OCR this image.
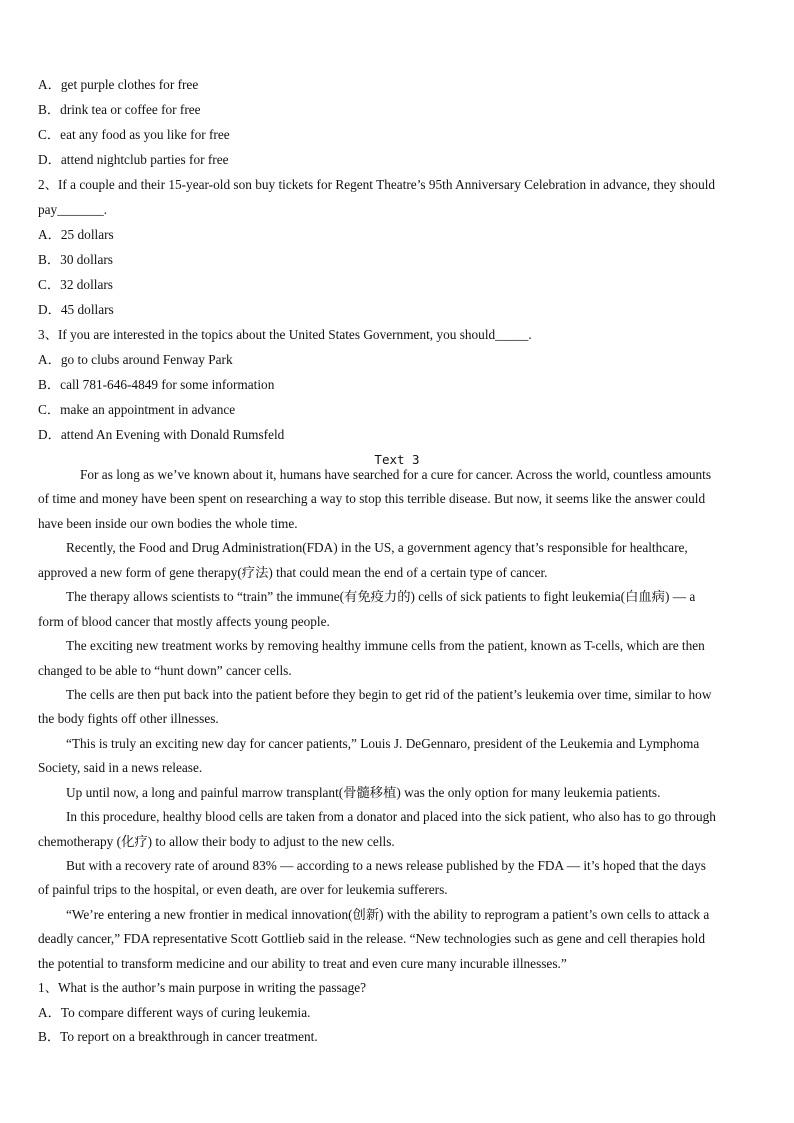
A．get purple clothes for free
B．drink tea or coffee for free
C．eat any food as you like for free
D．attend nightclub parties for free
2、If a couple and their 15-year-old son buy tickets for Regent Theatre’s 95th Anniversary Celebration in advance, they should
pay_______.
A．25 dollars
B．30 dollars
C．32 dollars
D．45 dollars
3、If you are interested in the topics about the United States Government, you should_____.
A．go to clubs around Fenway Park
B．call 781-646-4849 for some information
C．make an appointment in advance
D．attend An Evening with Donald Rumsfeld
Text 3
For as long as we’ve known about it, humans have searched for a cure for cancer. Across the world, countless amounts
of time and money have been spent on researching a way to stop this terrible disease. But now, it seems like the answer could
have been inside our own bodies the whole time.
Recently, the Food and Drug Administration(FDA) in the US, a government agency that’s responsible for healthcare,
approved a new form of gene therapy(疗法) that could mean the end of a certain type of cancer.
The therapy allows scientists to “train” the immune(有免疫力的) cells of sick patients to fight leukemia(白血病) — a
form of blood cancer that mostly affects young people.
The exciting new treatment works by removing healthy immune cells from the patient, known as T-cells, which are then
changed to be able to “hunt down” cancer cells.
The cells are then put back into the patient before they begin to get rid of the patient’s leukemia over time, similar to how
the body fights off other illnesses.
“This is truly an exciting new day for cancer patients,” Louis J. DeGennaro, president of the Leukemia and Lymphoma
Society, said in a news release.
Up until now, a long and painful marrow transplant(骨髓移植) was the only option for many leukemia patients.
In this procedure, healthy blood cells are taken from a donator and placed into the sick patient, who also has to go through
chemotherapy (化疗) to allow their body to adjust to the new cells.
But with a recovery rate of around 83% — according to a news release published by the FDA — it’s hoped that the days
of painful trips to the hospital, or even death, are over for leukemia sufferers.
“We’re entering a new frontier in medical innovation(创新) with the ability to reprogram a patient’s own cells to attack a
deadly cancer,” FDA representative Scott Gottlieb said in the release. “New technologies such as gene and cell therapies hold
the potential to transform medicine and our ability to treat and even cure many incurable illnesses.”
1、What is the author’s main purpose in writing the passage?
A．To compare different ways of curing leukemia.
B．To report on a breakthrough in cancer treatment.
